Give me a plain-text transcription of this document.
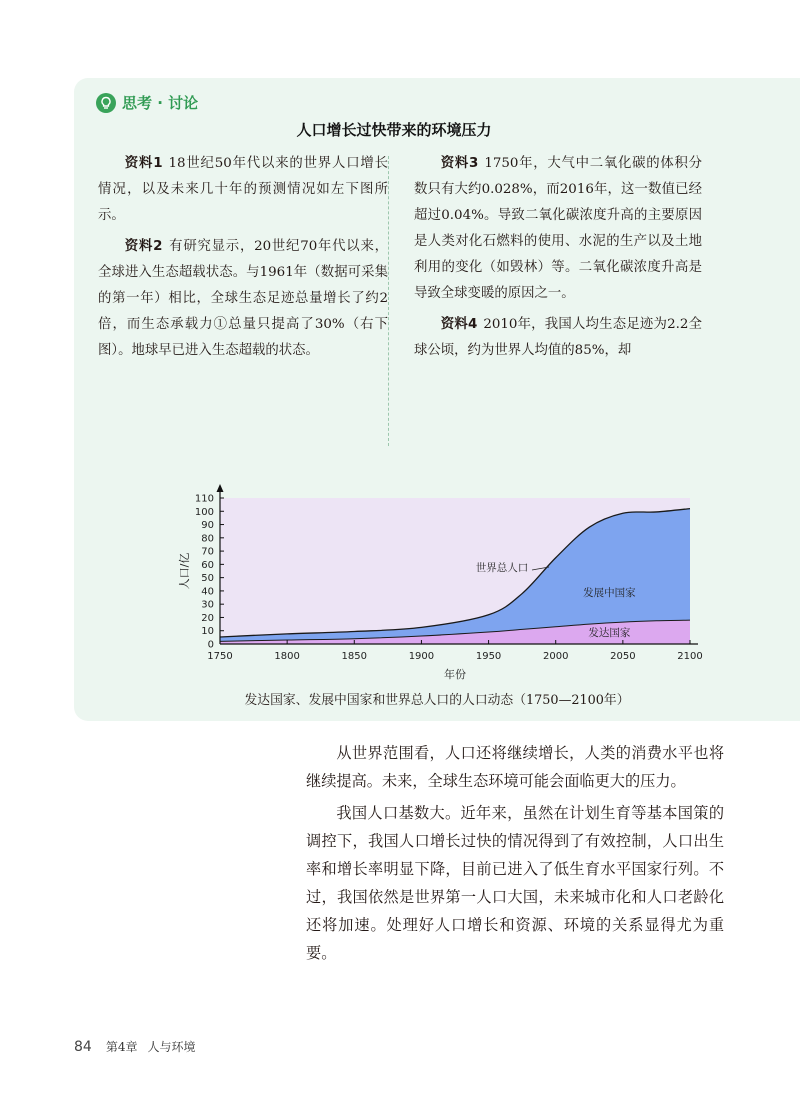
思考 · 讨论
人口增长过快带来的环境压力

资料1 18世纪50年代以来的世界人口增长情况，以及未来几十年的预测情况如左下图所示。

资料2 有研究显示，20世纪70年代以来，全球进入生态超载状态。与1961年（数据可采集的第一年）相比，全球生态足迹总量增长了约2倍，而生态承载力①总量只提高了30%（右下图）。地球早已进入生态超载的状态。

资料3 1750年，大气中二氧化碳的体积分数只有大约0.028%，而2016年，这一数值已经超过0.04%。导致二氧化碳浓度升高的主要原因是人类对化石燃料的使用、水泥的生产以及土地利用的变化（如毁林）等。二氧化碳浓度升高是导致全球变暖的原因之一。

资料4 2010年，我国人均生态足迹为2.2全球公顷，约为世界人均值的85%，却

1750	1800	1850	1900	1950	2000	2050	2100
0
10
20
30
40
50
60
70
80
90
100
110
年份
人口/亿	世界总人口
发展中国家
发达国家
发达国家、发展中国家和世界总人口的人口动态（1750—2100年）

从世界范围看，人口还将继续增长，人类的消费水平也将继续提高。未来，全球生态环境可能会面临更大的压力。

我国人口基数大。近年来，虽然在计划生育等基本国策的调控下，我国人口增长过快的情况得到了有效控制，人口出生率和增长率明显下降，目前已进入了低生育水平国家行列。不过，我国依然是世界第一人口大国，未来城市化和人口老龄化还将加速。处理好人口增长和资源、环境的关系显得尤为重要。

84 第4章 人与环境
